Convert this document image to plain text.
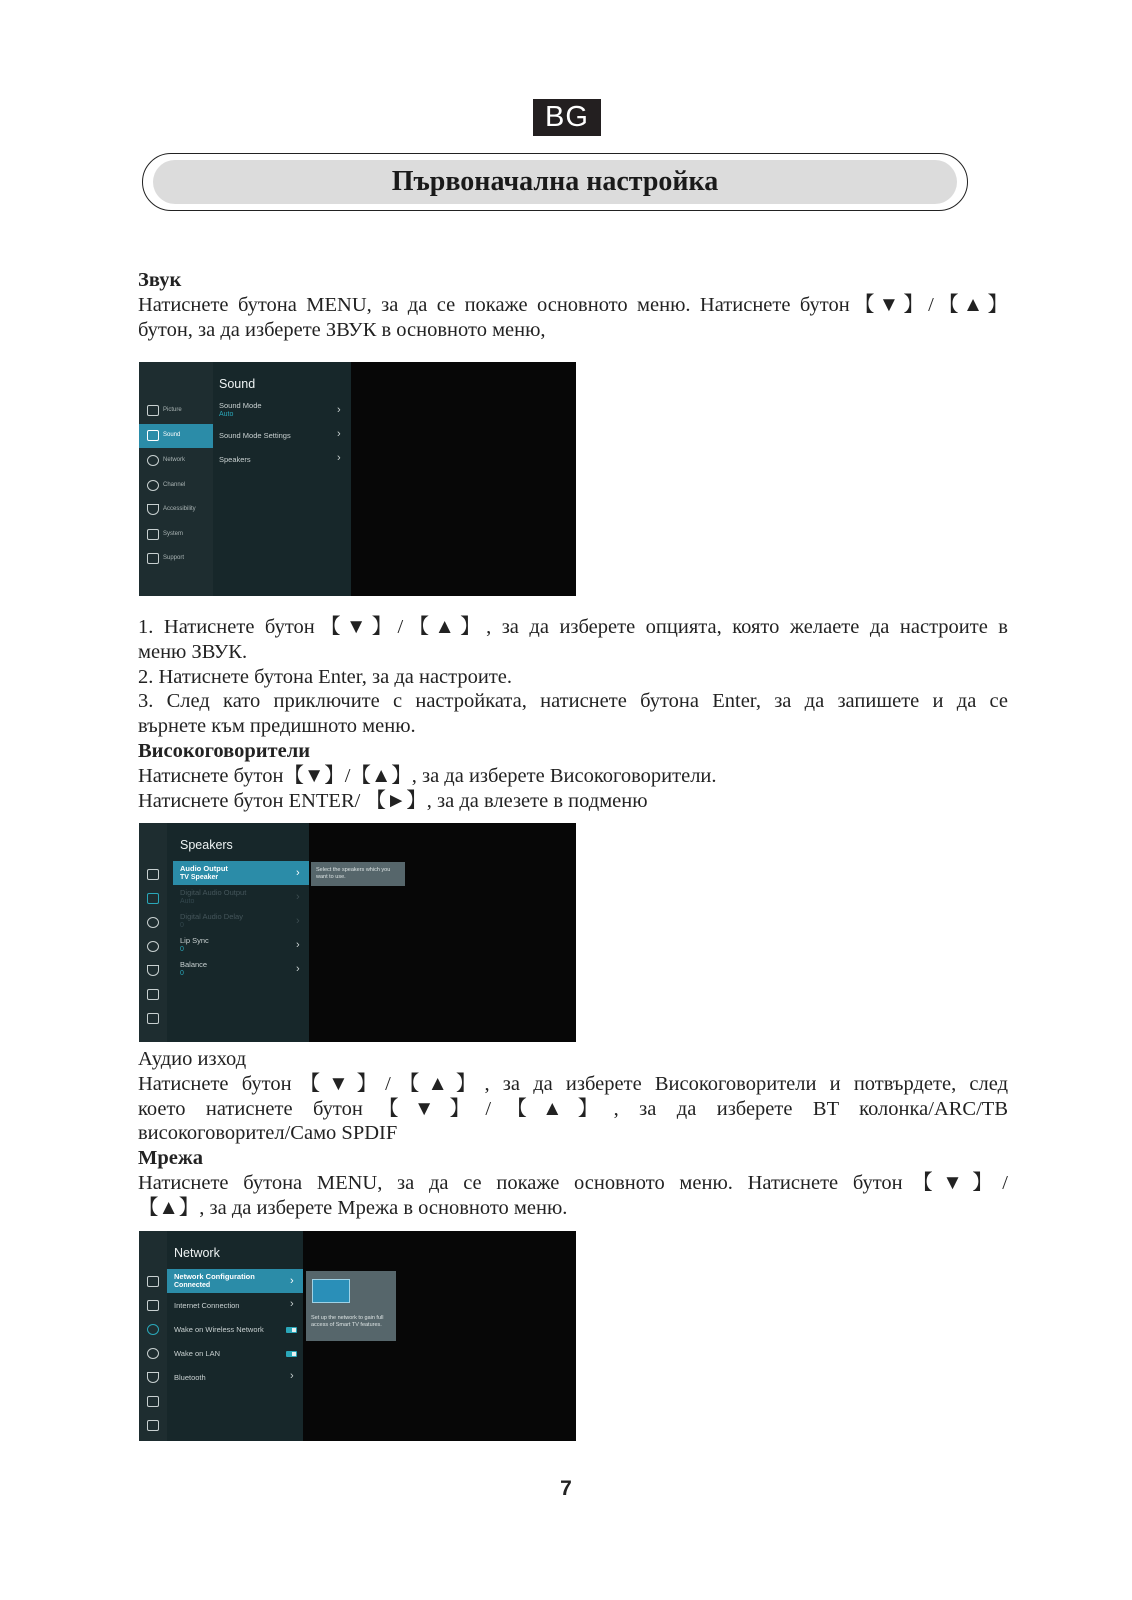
BG
Първоначална настройка

Звук

Натиснете бутона MENU, за да се покаже основното меню. Натиснете бутон【▼】/【▲】

бутон, за да изберете ЗВУК в основното меню,

Sound
Picture
Sound
Network
Channel
Accessibility
System
Support
Sound Mode
Auto	›
Sound Mode Settings	›
Speakers	›

1. Натиснете бутон【▼】/【▲】, за да изберете опцията, която желаете да настроите в

меню ЗВУК.

2. Натиснете бутона Enter, за да настроите.

3. След като приключите с настройката, натиснете бутона Enter, за да запишете и да се

върнете към предишното меню.

Високоговорители

Натиснете бутон【▼】/【▲】, за да изберете Високоговорители.

Натиснете бутон ENTER/ 【►】, за да влезете в подменю

Speakers
Audio Output
TV Speaker	›
Digital Audio Output
Auto	›
Digital Audio Delay
0	›
Lip Sync
0	›
Balance
0	›
Select the speakers which you want to use.

Аудио изход

Натиснете бутон【▼】/【▲】, за да изберете Високоговорители и потвърдете, след

което натиснете бутон【▼】/【▲】, за да изберете BT колонка/ARC/ТВ

високоговорител/Само SPDIF

Мрежа

Натиснете бутона MENU, за да се покаже основното меню. Натиснете бутон【▼】/

【▲】, за да изберете Мрежа в основното меню.

Network
Network Configuration
Connected	›
Internet Connection	›
Wake on Wireless Network
Wake on LAN
Bluetooth	›
Set up the network to gain full access of Smart TV features.
7
